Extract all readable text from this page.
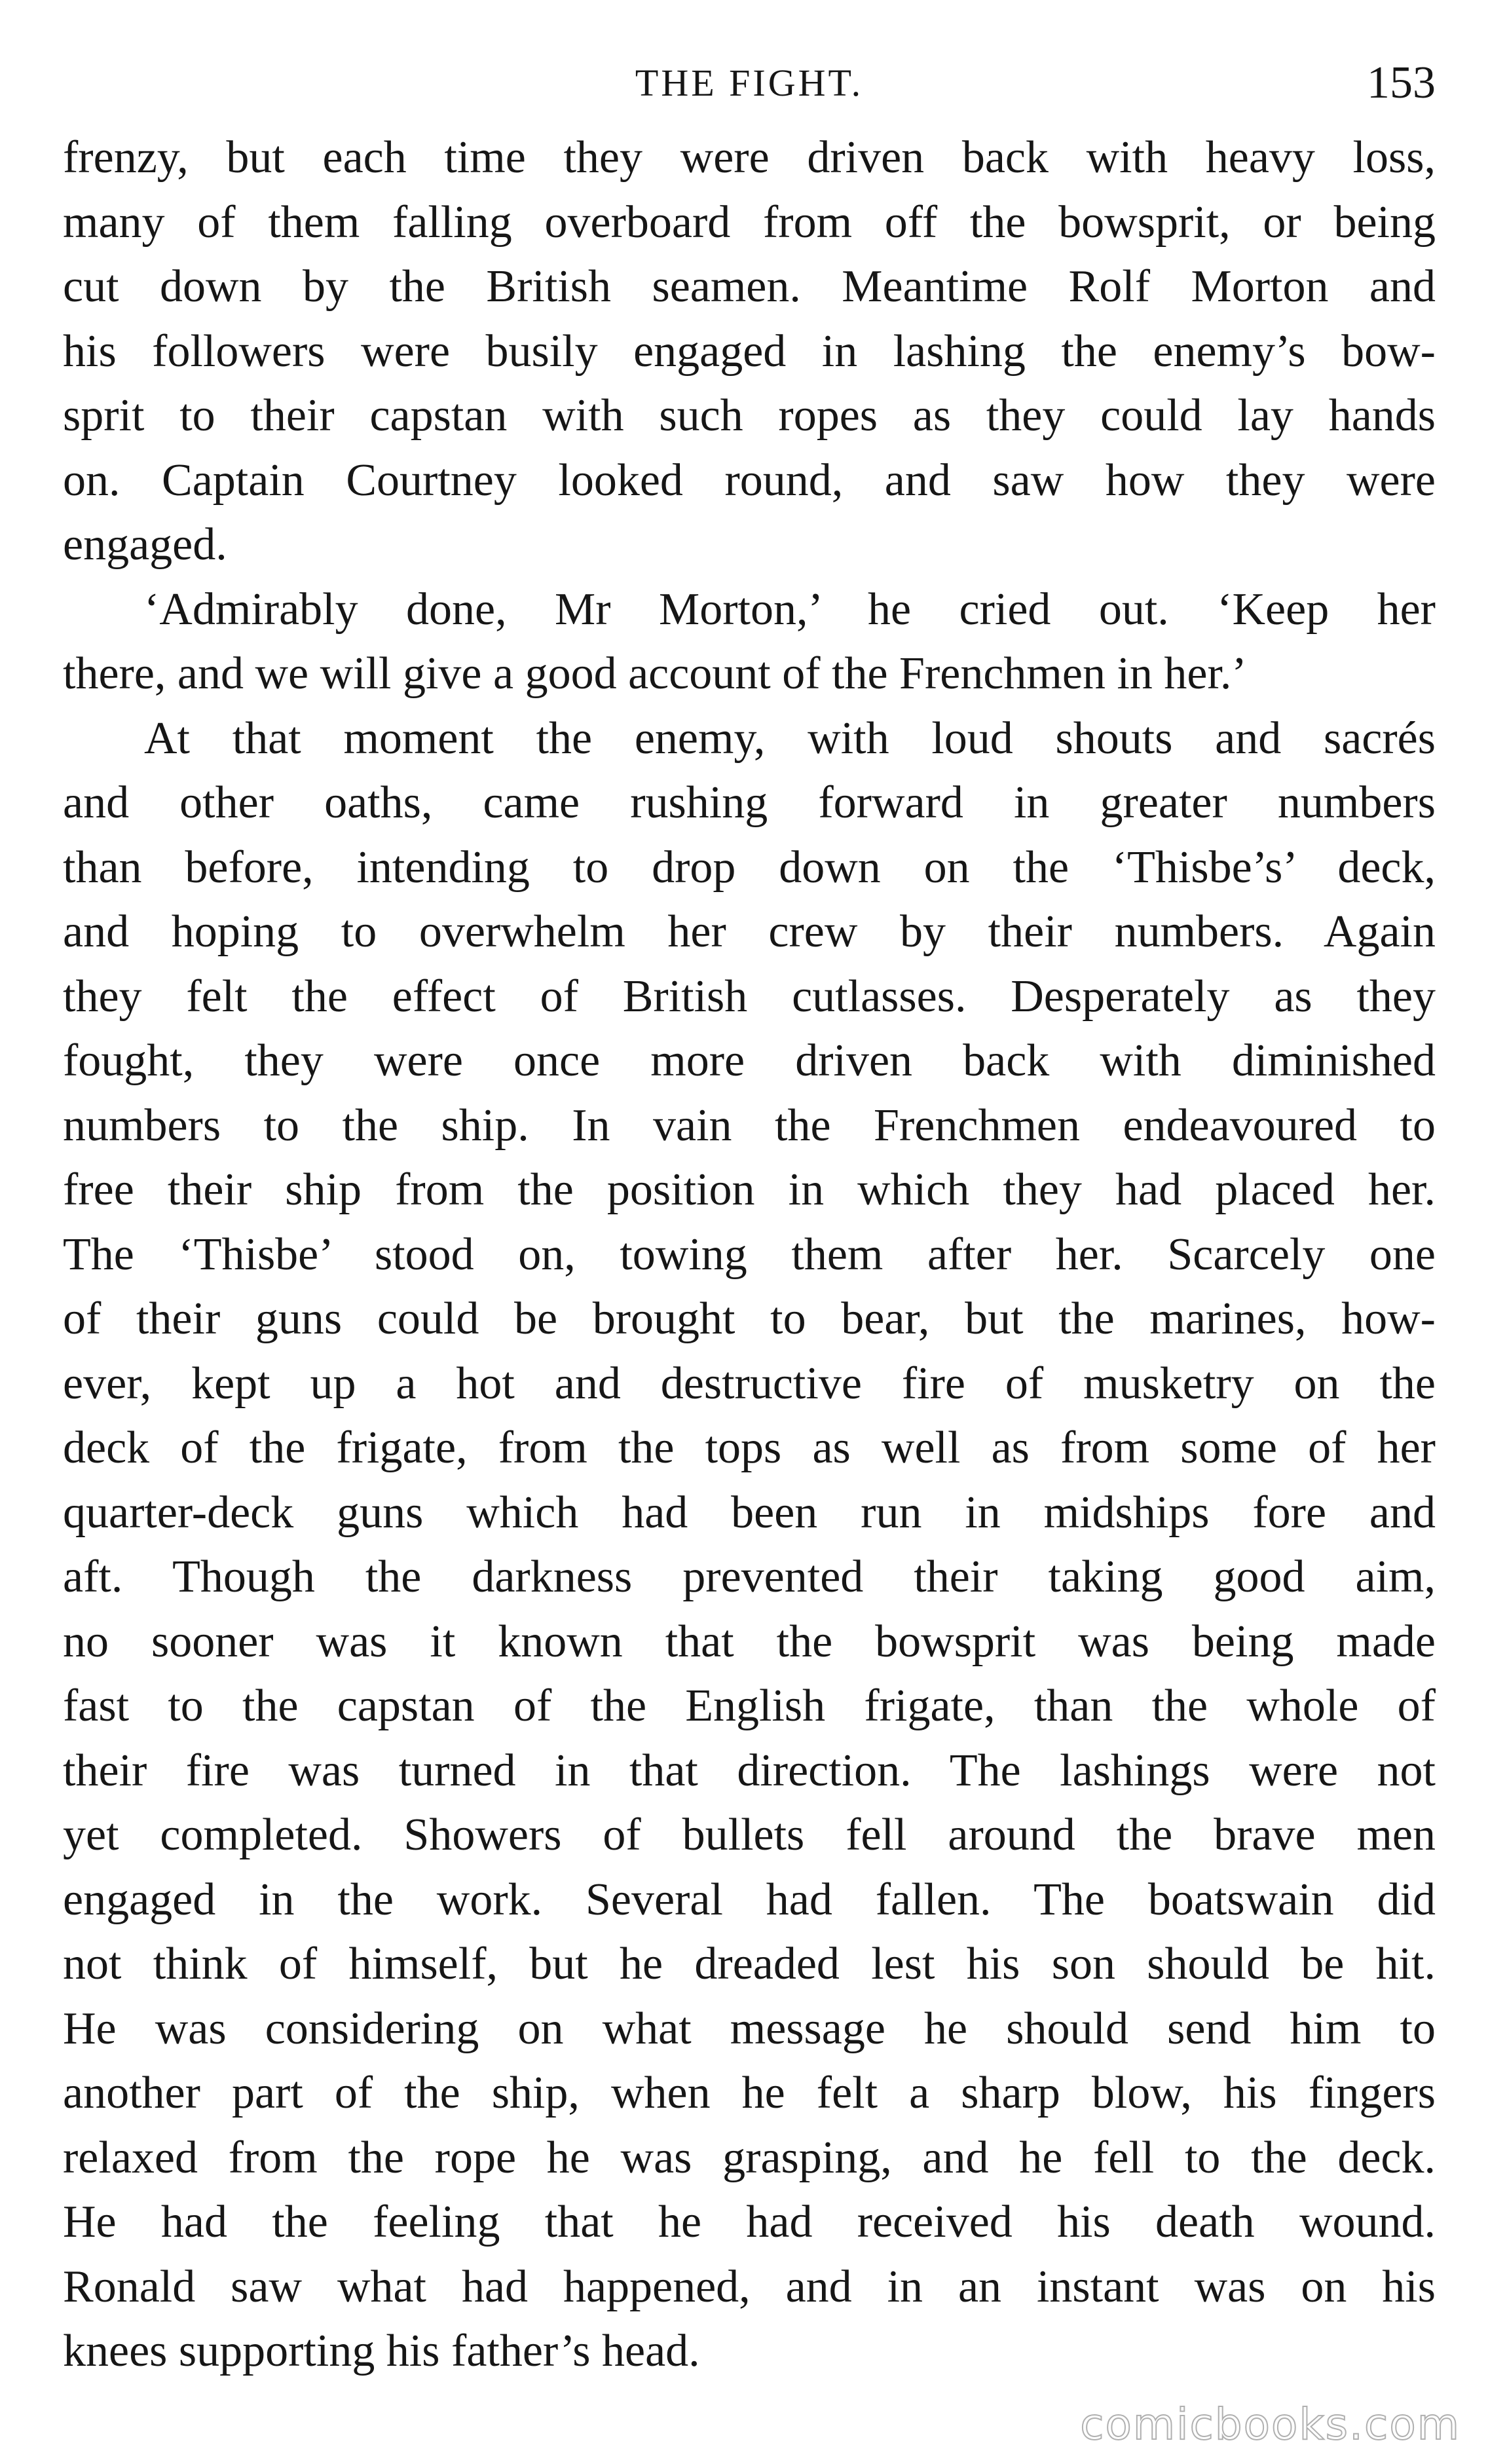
THE FIGHT.	153
frenzy, but each time they were driven back with heavy loss,
many of them falling overboard from off the bowsprit, or being
cut down by the British seamen. Meantime Rolf Morton and
his followers were busily engaged in lashing the enemy’s bow-
sprit to their capstan with such ropes as they could lay hands
on. Captain Courtney looked round, and saw how they were
engaged.
‘Admirably done, Mr Morton,’ he cried out. ‘Keep her
there, and we will give a good account of the Frenchmen in her.’
At that moment the enemy, with loud shouts and sacrés
and other oaths, came rushing forward in greater numbers
than before, intending to drop down on the ‘Thisbe’s’ deck,
and hoping to overwhelm her crew by their numbers. Again
they felt the effect of British cutlasses. Desperately as they
fought, they were once more driven back with diminished
numbers to the ship. In vain the Frenchmen endeavoured to
free their ship from the position in which they had placed her.
The ‘Thisbe’ stood on, towing them after her. Scarcely one
of their guns could be brought to bear, but the marines, how-
ever, kept up a hot and destructive fire of musketry on the
deck of the frigate, from the tops as well as from some of her
quarter-deck guns which had been run in midships fore and
aft. Though the darkness prevented their taking good aim,
no sooner was it known that the bowsprit was being made
fast to the capstan of the English frigate, than the whole of
their fire was turned in that direction. The lashings were not
yet completed. Showers of bullets fell around the brave men
engaged in the work. Several had fallen. The boatswain did
not think of himself, but he dreaded lest his son should be hit.
He was considering on what message he should send him to
another part of the ship, when he felt a sharp blow, his fingers
relaxed from the rope he was grasping, and he fell to the deck.
He had the feeling that he had received his death wound.
Ronald saw what had happened, and in an instant was on his
knees supporting his father’s head.
comicbooks.com
